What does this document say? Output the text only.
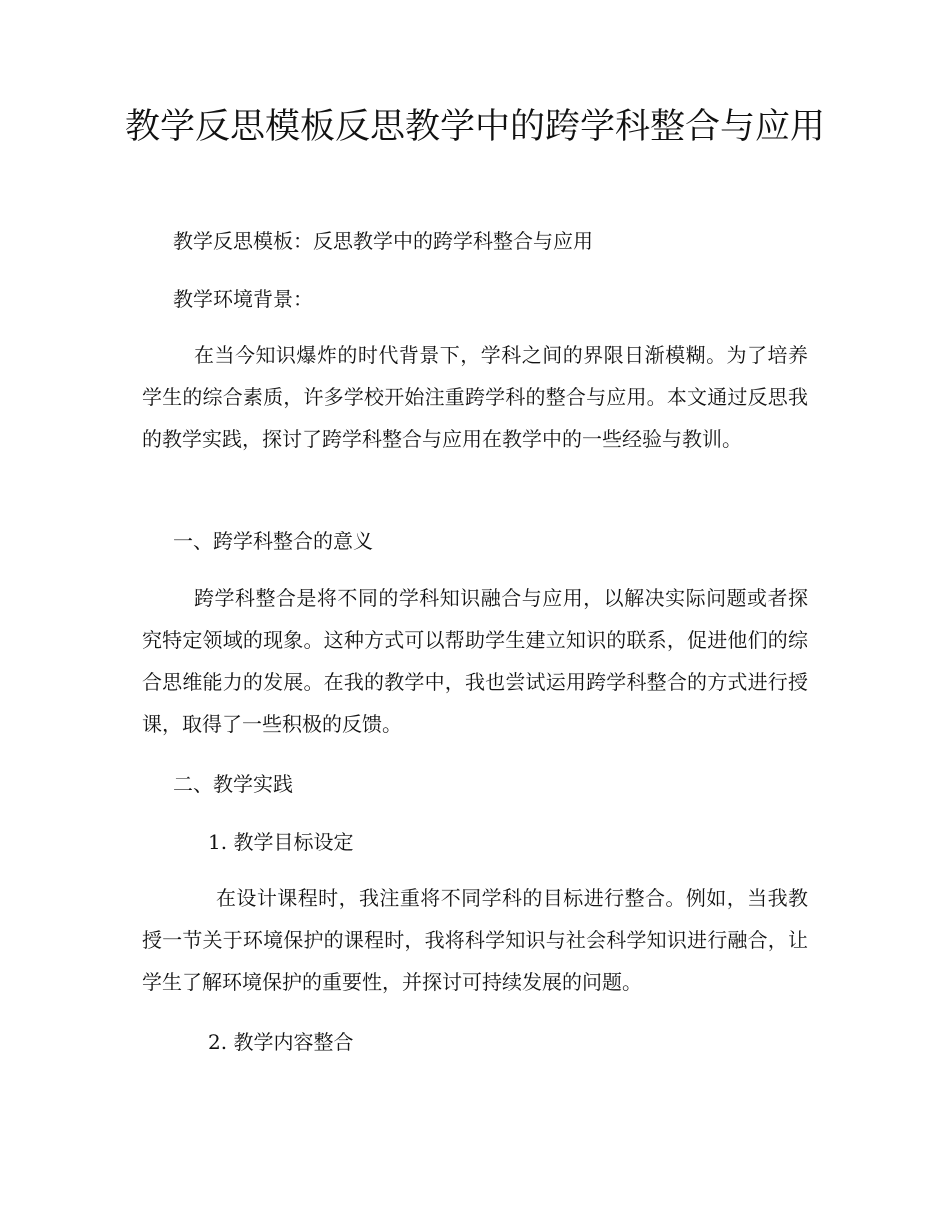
教学反思模板反思教学中的跨学科整合与应用

教学反思模板：反思教学中的跨学科整合与应用

教学环境背景：

在当今知识爆炸的时代背景下，学科之间的界限日渐模糊。为了培养学生的综合素质，许多学校开始注重跨学科的整合与应用。本文通过反思我的教学实践，探讨了跨学科整合与应用在教学中的一些经验与教训。

一、跨学科整合的意义

跨学科整合是将不同的学科知识融合与应用，以解决实际问题或者探究特定领域的现象。这种方式可以帮助学生建立知识的联系，促进他们的综合思维能力的发展。在我的教学中，我也尝试运用跨学科整合的方式进行授课，取得了一些积极的反馈。

二、教学实践

1. 教学目标设定

在设计课程时，我注重将不同学科的目标进行整合。例如，当我教授一节关于环境保护的课程时，我将科学知识与社会科学知识进行融合，让学生了解环境保护的重要性，并探讨可持续发展的问题。

2. 教学内容整合
